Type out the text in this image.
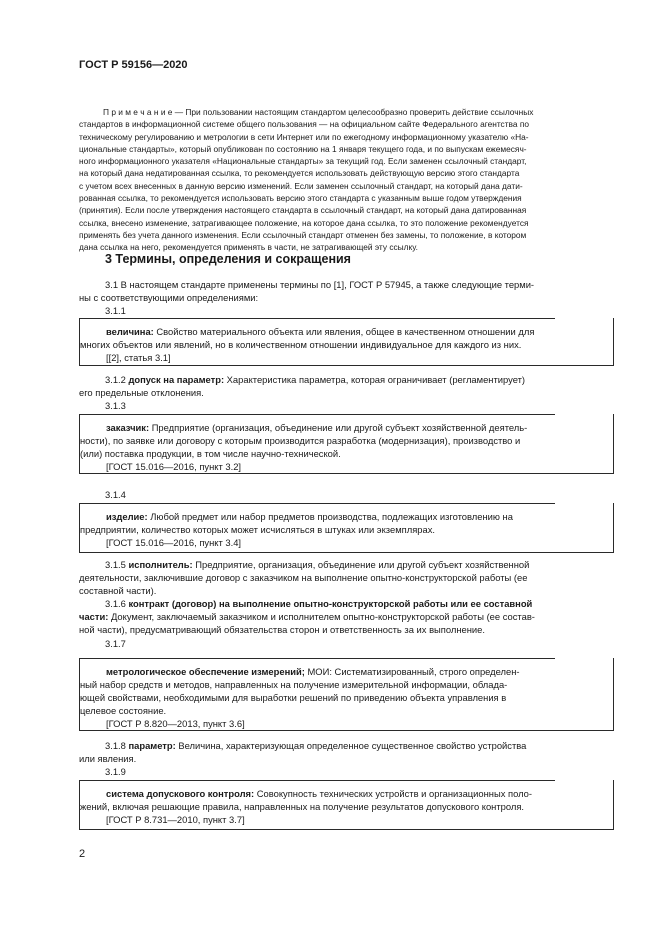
ГОСТ Р 59156—2020
П р и м е ч а н и е — При пользовании настоящим стандартом целесообразно проверить действие ссылочных
стандартов в информационной системе общего пользования — на официальном сайте Федерального агентства по
техническому регулированию и метрологии в сети Интернет или по ежегодному информационному указателю «На-
циональные стандарты», который опубликован по состоянию на 1 января текущего года, и по выпускам ежемесяч-
ного информационного указателя «Национальные стандарты» за текущий год. Если заменен ссылочный стандарт,
на который дана недатированная ссылка, то рекомендуется использовать действующую версию этого стандарта
с учетом всех внесенных в данную версию изменений. Если заменен ссылочный стандарт, на который дана дати-
рованная ссылка, то рекомендуется использовать версию этого стандарта с указанным выше годом утверждения
(принятия). Если после утверждения настоящего стандарта в ссылочный стандарт, на который дана датированная
ссылка, внесено изменение, затрагивающее положение, на которое дана ссылка, то это положение рекомендуется
применять без учета данного изменения. Если ссылочный стандарт отменен без замены, то положение, в котором
дана ссылка на него, рекомендуется применять в части, не затрагивающей эту ссылку.
3 Термины, определения и сокращения
3.1 В настоящем стандарте применены термины по [1], ГОСТ Р 57945, а также следующие терми-
ны с соответствующими определениями:
3.1.1

величина: Свойство материального объекта или явления, общее в качественном отношении для

многих объектов или явлений, но в количественном отношении индивидуальное для каждого из них.

[[2], статья 3.1]

3.1.2 допуск на параметр: Характеристика параметра, которая ограничивает (регламентирует)
его предельные отклонения.
3.1.3

заказчик: Предприятие (организация, объединение или другой субъект хозяйственной деятель-

ности), по заявке или договору с которым производится разработка (модернизация), производство и

(или) поставка продукции, в том числе научно-технической.

[ГОСТ 15.016—2016, пункт 3.2]

3.1.4

изделие: Любой предмет или набор предметов производства, подлежащих изготовлению на

предприятии, количество которых может исчисляться в штуках или экземплярах.

[ГОСТ 15.016—2016, пункт 3.4]

3.1.5 исполнитель: Предприятие, организация, объединение или другой субъект хозяйственной
деятельности, заключившие договор с заказчиком на выполнение опытно-конструкторской работы (ее
составной части).
3.1.6 контракт (договор) на выполнение опытно-конструкторской работы или ее составной
части: Документ, заключаемый заказчиком и исполнителем опытно-конструкторской работы (ее состав-
ной части), предусматривающий обязательства сторон и ответственность за их выполнение.
3.1.7

метрологическое обеспечение измерений; МОИ: Систематизированный, строго определен-

ный набор средств и методов, направленных на получение измерительной информации, облада-

ющей свойствами, необходимыми для выработки решений по приведению объекта управления в

целевое состояние.

[ГОСТ Р 8.820—2013, пункт 3.6]

3.1.8 параметр: Величина, характеризующая определенное существенное свойство устройства
или явления.
3.1.9

система допускового контроля: Совокупность технических устройств и организационных поло-

жений, включая решающие правила, направленных на получение результатов допускового контроля.

[ГОСТ Р 8.731—2010, пункт 3.7]

2
